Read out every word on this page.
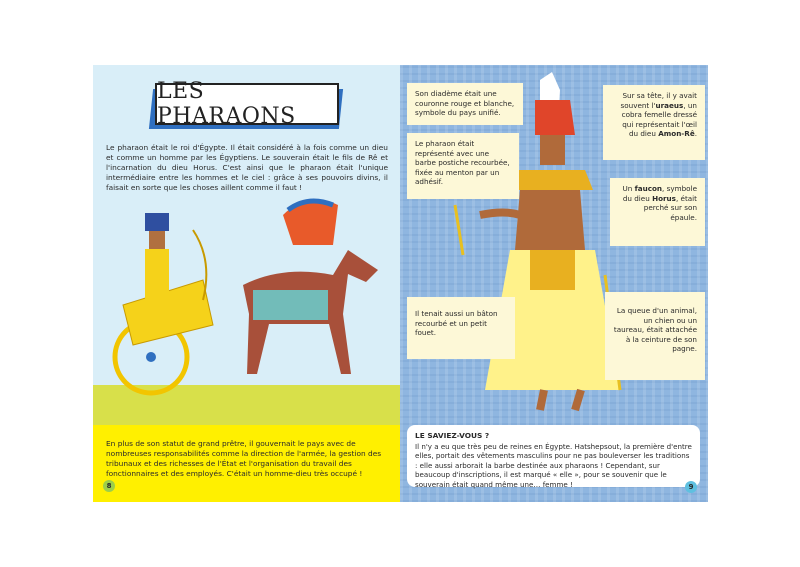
LES PHARAONS
Le pharaon était le roi d'Égypte. Il était considéré à la fois comme un dieu et comme un homme par les Égyptiens. Le souverain était le fils de Rê et l'incarnation du dieu Horus. C'est ainsi que le pharaon était l'unique intermédiaire entre les hommes et le ciel : grâce à ses pouvoirs divins, il faisait en sorte que les choses aillent comme il faut !

En plus de son statut de grand prêtre, il gouvernait le pays avec de nombreuses responsabilités comme la direction de l'armée, la gestion des tribunaux et des richesses de l'État et l'organisation du travail des fonctionnaires et des employés. C'était un homme-dieu très occupé !

8
Son diadème était une couronne rouge et blanche, symbole du pays unifié.
Le pharaon était représenté avec une barbe postiche recourbée, fixée au menton par un adhésif.
Sur sa tête, il y avait souvent l'uraeus, un cobra femelle dressé qui représentait l'œil du dieu Amon-Rê.
Un faucon, symbole du dieu Horus, était perché sur son épaule.
Il tenait aussi un bâton recourbé et un petit fouet.
La queue d'un animal, un chien ou un taureau, était attachée à la ceinture de son pagne.
LE SAVIEZ-VOUS ?
Il n'y a eu que très peu de reines en Égypte. Hatshepsout, la première d'entre elles, portait des vêtements masculins pour ne pas bouleverser les traditions : elle aussi arborait la barbe destinée aux pharaons ! Cependant, sur beaucoup d'inscriptions, il est marqué « elle », pour se souvenir que le souverain était quand même une… femme !	9
